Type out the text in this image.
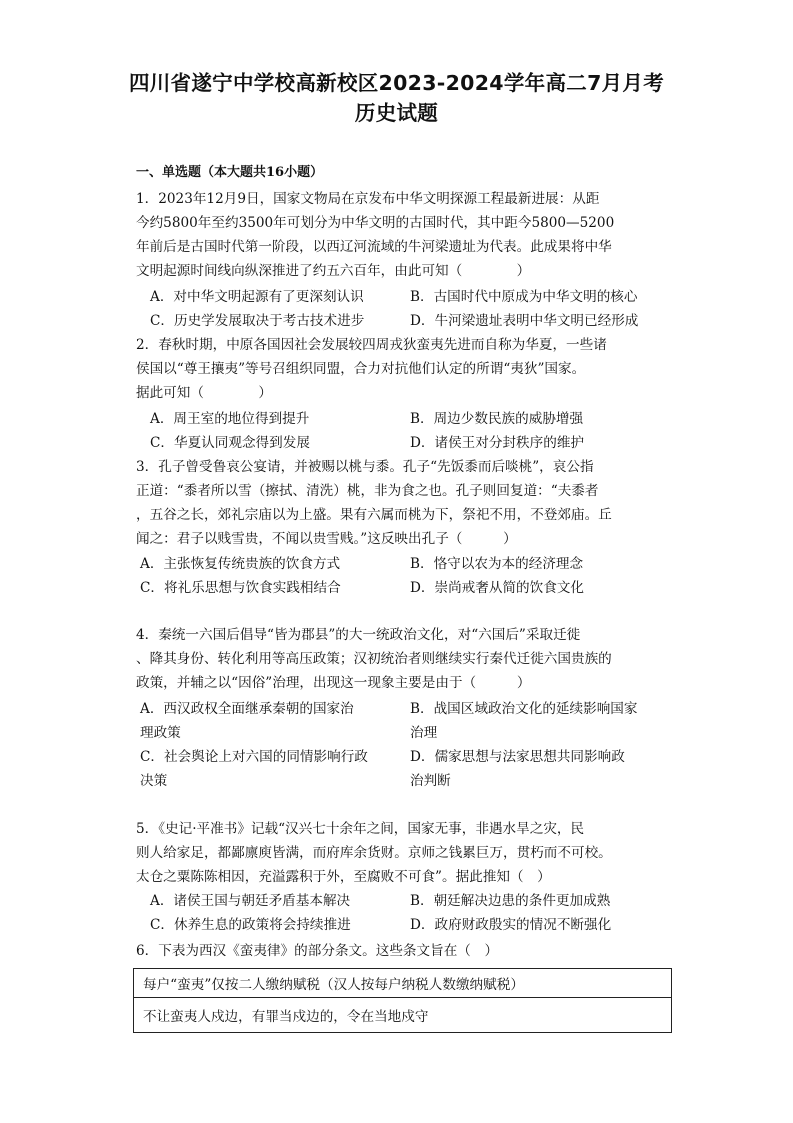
四川省遂宁中学校高新校区2023-2024学年高二7月月考
历史试题
一、单选题（本大题共16小题）
1．2023年12月9日，国家文物局在京发布中华文明探源工程最新进展：从距
今约5800年至约3500年可划分为中华文明的古国时代，其中距今5800—5200
年前后是古国时代第一阶段，以西辽河流域的牛河梁遗址为代表。此成果将中华
文明起源时间线向纵深推进了约五六百年，由此可知（　　　　）
A．对中华文明起源有了更深刻认识	B．古国时代中原成为中华文明的核心
C．历史学发展取决于考古技术进步	D．牛河梁遗址表明中华文明已经形成
2．春秋时期，中原各国因社会发展较四周戎狄蛮夷先进而自称为华夏，一些诸
侯国以“尊王攘夷”等号召组织同盟，合力对抗他们认定的所谓“夷狄”国家。
据此可知（　　　　）
A．周王室的地位得到提升	B．周边少数民族的威胁增强
C．华夏认同观念得到发展	D．诸侯王对分封秩序的维护
3．孔子曾受鲁哀公宴请，并被赐以桃与黍。孔子“先饭黍而后啖桃”，哀公指
正道：“黍者所以雪（擦拭、清洗）桃，非为食之也。孔子则回复道：“夫黍者
，五谷之长，郊礼宗庙以为上盛。果有六属而桃为下，祭祀不用，不登郊庙。丘
闻之：君子以贱雪贵，不闻以贵雪贱。”这反映出孔子（　　　）
A．主张恢复传统贵族的饮食方式	B．恪守以农为本的经济理念
C．将礼乐思想与饮食实践相结合	D．崇尚戒奢从简的饮食文化
4．秦统一六国后倡导“皆为郡县”的大一统政治文化，对“六国后”采取迁徙
、降其身份、转化利用等高压政策；汉初统治者则继续实行秦代迁徙六国贵族的
政策，并辅之以“因俗”治理，出现这一现象主要是由于（　　　）
A．西汉政权全面继承秦朝的国家治
理政策
B．战国区域政治文化的延续影响国家
治理
C．社会舆论上对六国的同情影响行政
决策
D．儒家思想与法家思想共同影响政
治判断
5．《史记·平准书》记载“汉兴七十余年之间，国家无事，非遇水旱之灾，民
则人给家足，都鄙廪庾皆满，而府库余货财。京师之钱累巨万，贯朽而不可校。
太仓之粟陈陈相因，充溢露积于外，至腐败不可食”。据此推知（　）
A．诸侯王国与朝廷矛盾基本解决	B．朝廷解决边患的条件更加成熟
C．休养生息的政策将会持续推进	D．政府财政殷实的情况不断强化
6．下表为西汉《蛮夷律》的部分条文。这些条文旨在（　）
每户“蛮夷”仅按二人缴纳赋税（汉人按每户纳税人数缴纳赋税）
不让蛮夷人戍边，有罪当戍边的，令在当地戍守
